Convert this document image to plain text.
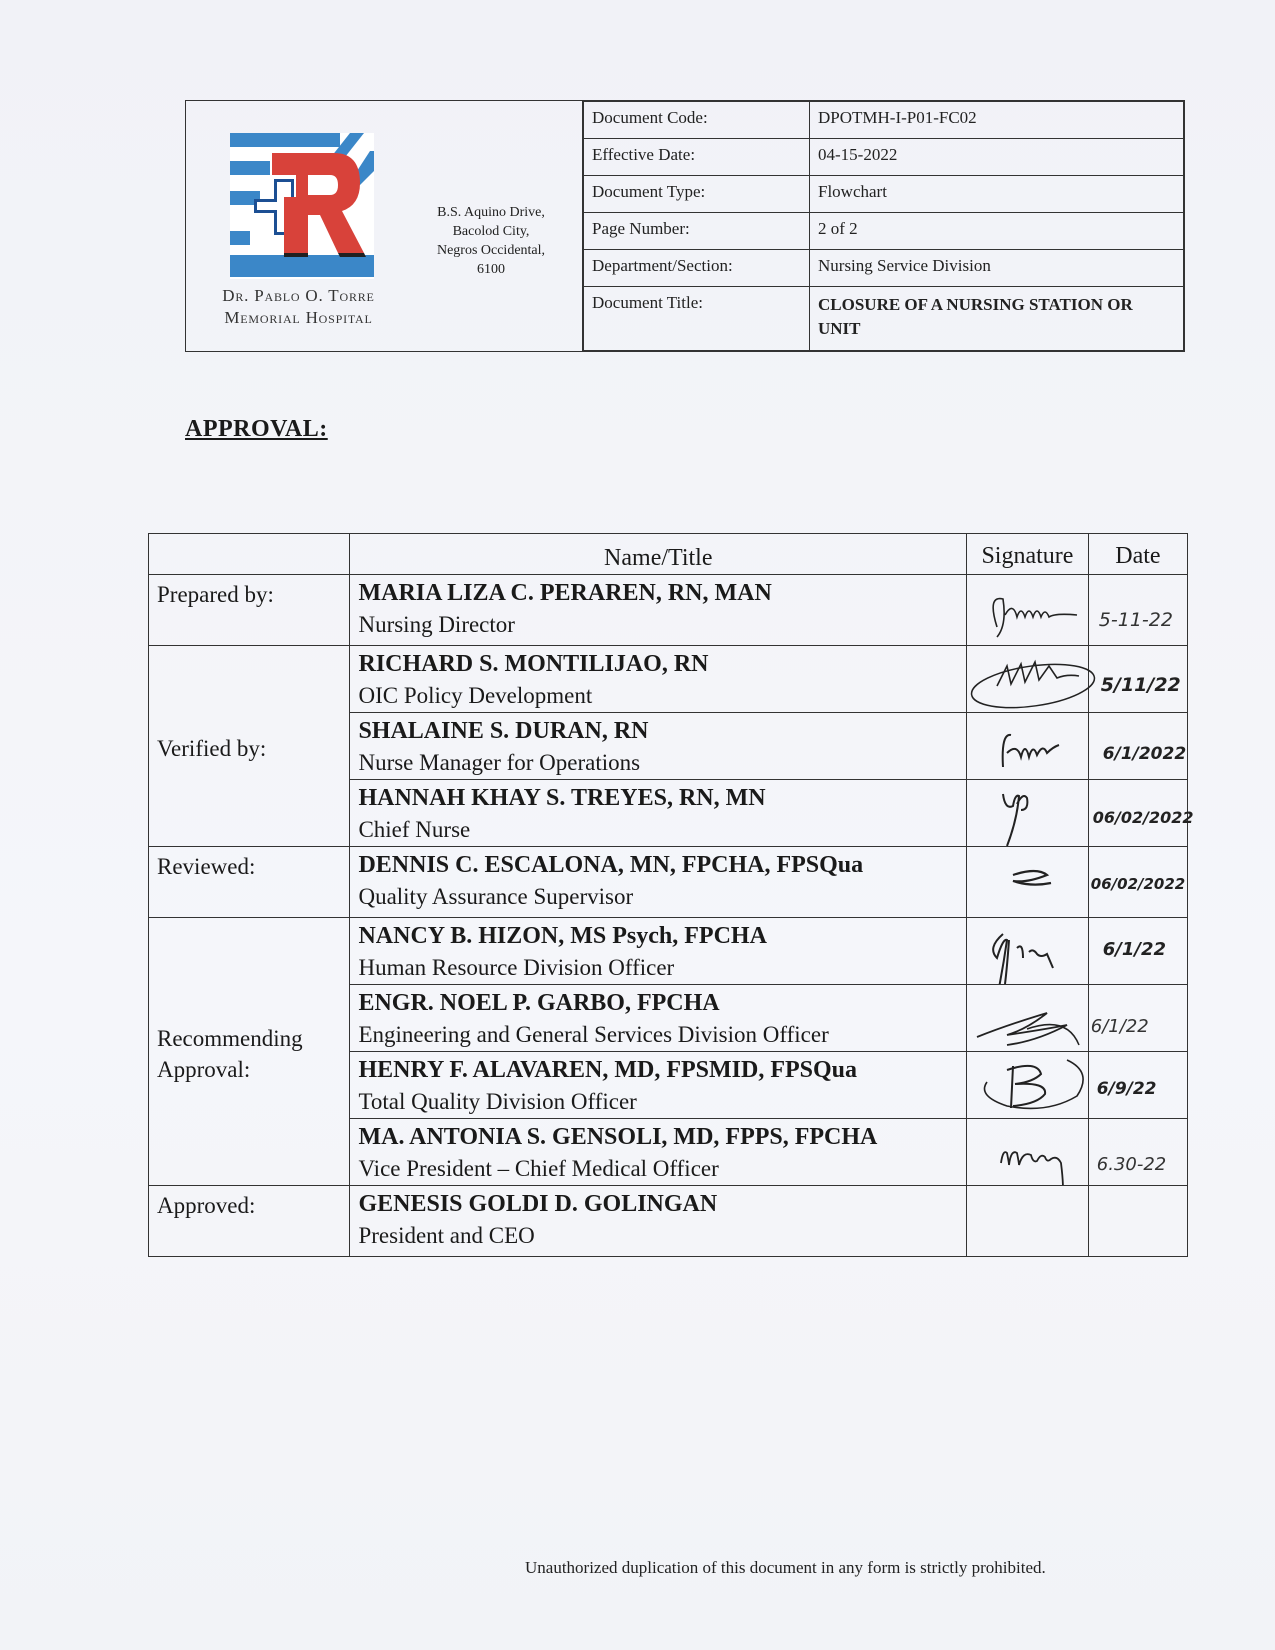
Dr. Pablo O. Torre
Memorial Hospital
B.S. Aquino Drive,
Bacolod City,
Negros Occidental,
6100
Document Code:	DPOTMH-I-P01-FC02
Effective Date:	04-15-2022
Document Type:	Flowchart
Page Number:	2 of 2
Department/Section:	Nursing Service Division
Document Title:	CLOSURE OF A NURSING STATION OR UNIT
APPROVAL:
	Name/Title	Signature	Date
Prepared by:	MARIA LIZA C. PERAREN, RN, MAN
Nursing Director		5-11-22

Verified by:	RICHARD S. MONTILIJAO, RN
OIC Policy Development		5/11/22

	SHALAINE S. DURAN, RN
Nurse Manager for Operations		6/1/2022

	HANNAH KHAY S. TREYES, RN, MN
Chief Nurse		06/02/2022

Reviewed:	DENNIS C. ESCALONA, MN, FPCHA, FPSQua
Quality Assurance Supervisor		06/02/2022

Recommending
Approval:	NANCY B. HIZON, MS Psych, FPCHA
Human Resource Division Officer		6/1/22

	ENGR. NOEL P. GARBO, FPCHA
Engineering and General Services Division Officer		6/1/22

	HENRY F. ALAVAREN, MD, FPSMID, FPSQua
Total Quality Division Officer		6/9/22

	MA. ANTONIA S. GENSOLI, MD, FPPS, FPCHA
Vice President – Chief Medical Officer		6.30-22

Approved:	GENESIS GOLDI D. GOLINGAN
President and CEO		

Unauthorized duplication of this document in any form is strictly prohibited.
